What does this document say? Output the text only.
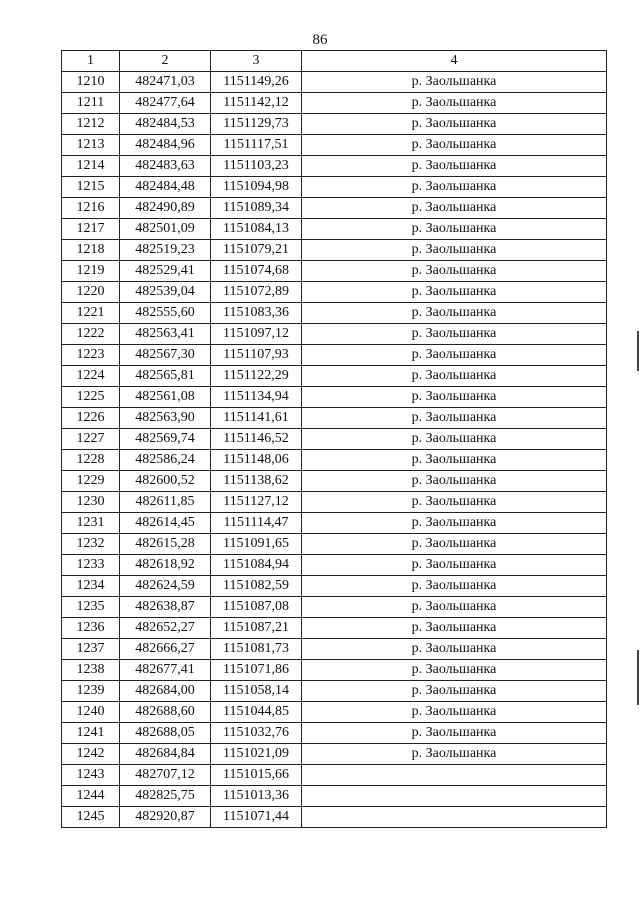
86
1	2	3	4
1210	482471,03	1151149,26	р. Заольшанка
1211	482477,64	1151142,12	р. Заольшанка
1212	482484,53	1151129,73	р. Заольшанка
1213	482484,96	1151117,51	р. Заольшанка
1214	482483,63	1151103,23	р. Заольшанка
1215	482484,48	1151094,98	р. Заольшанка
1216	482490,89	1151089,34	р. Заольшанка
1217	482501,09	1151084,13	р. Заольшанка
1218	482519,23	1151079,21	р. Заольшанка
1219	482529,41	1151074,68	р. Заольшанка
1220	482539,04	1151072,89	р. Заольшанка
1221	482555,60	1151083,36	р. Заольшанка
1222	482563,41	1151097,12	р. Заольшанка
1223	482567,30	1151107,93	р. Заольшанка
1224	482565,81	1151122,29	р. Заольшанка
1225	482561,08	1151134,94	р. Заольшанка
1226	482563,90	1151141,61	р. Заольшанка
1227	482569,74	1151146,52	р. Заольшанка
1228	482586,24	1151148,06	р. Заольшанка
1229	482600,52	1151138,62	р. Заольшанка
1230	482611,85	1151127,12	р. Заольшанка
1231	482614,45	1151114,47	р. Заольшанка
1232	482615,28	1151091,65	р. Заольшанка
1233	482618,92	1151084,94	р. Заольшанка
1234	482624,59	1151082,59	р. Заольшанка
1235	482638,87	1151087,08	р. Заольшанка
1236	482652,27	1151087,21	р. Заольшанка
1237	482666,27	1151081,73	р. Заольшанка
1238	482677,41	1151071,86	р. Заольшанка
1239	482684,00	1151058,14	р. Заольшанка
1240	482688,60	1151044,85	р. Заольшанка
1241	482688,05	1151032,76	р. Заольшанка
1242	482684,84	1151021,09	р. Заольшанка
1243	482707,12	1151015,66	
1244	482825,75	1151013,36	
1245	482920,87	1151071,44	
